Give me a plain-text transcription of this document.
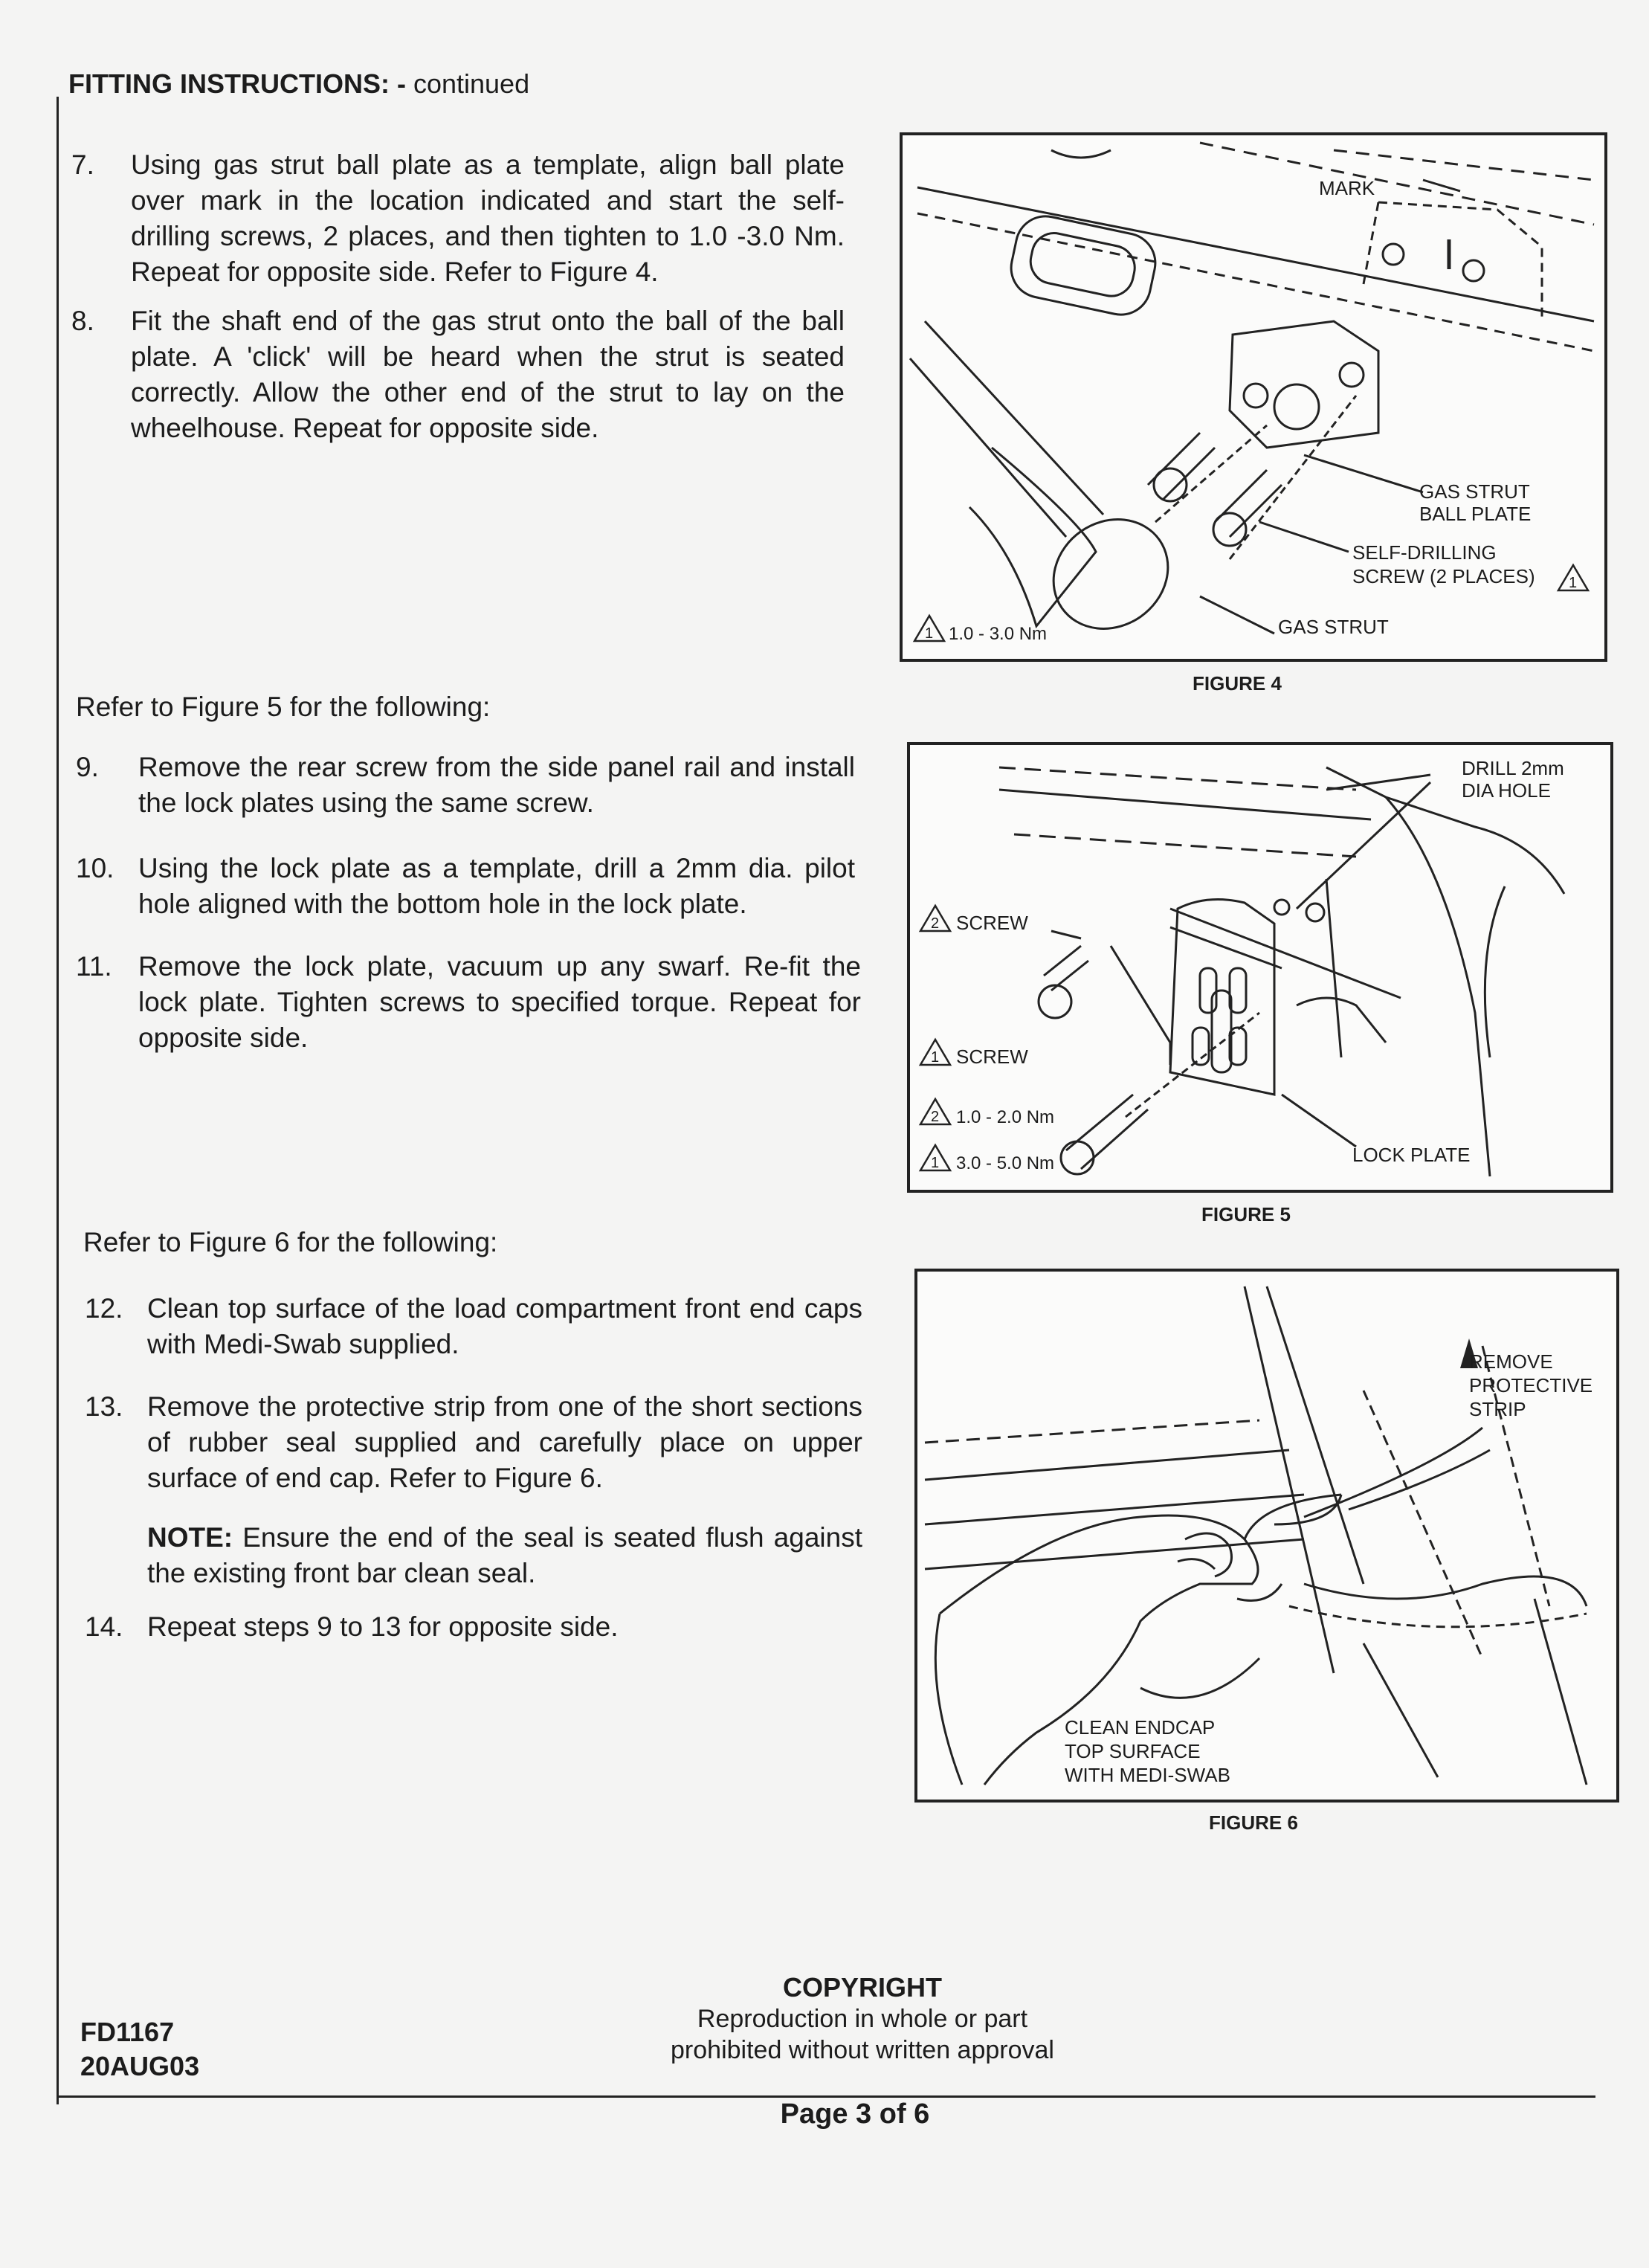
FITTING INSTRUCTIONS: - continued
7. Using gas strut ball plate as a template, align ball plate over mark in the location indicated and start the self-drilling screws, 2 places, and then tighten to 1.0 -3.0 Nm. Repeat for opposite side. Refer to Figure 4.
8. Fit the shaft end of the gas strut onto the ball of the ball plate. A 'click' will be heard when the strut is seated correctly. Allow the other end of the strut to lay on the wheelhouse. Repeat for opposite side.
Refer to Figure 5 for the following:
9. Remove the rear screw from the side panel rail and install the lock plates using the same screw.
10. Using the lock plate as a template, drill a 2mm dia. pilot hole aligned with the bottom hole in the lock plate.
11. Remove the lock plate, vacuum up any swarf. Re-fit the lock plate. Tighten screws to specified torque. Repeat for opposite side.
Refer to Figure 6 for the following:
12. Clean top surface of the load compartment front end caps with Medi-Swab supplied.
13. Remove the protective strip from one of the short sections of rubber seal supplied and carefully place on upper surface of end cap. Refer to Figure 6.
NOTE: Ensure the end of the seal is seated flush against the existing front bar clean seal.
14. Repeat steps 9 to 13 for opposite side.
MARK
GAS STRUT
BALL PLATE
SELF-DRILLING
SCREW (2 PLACES) 1
GAS STRUT
1 1.0 - 3.0 Nm
FIGURE 4
DRILL 2mm
DIA HOLE
2 SCREW
1 SCREW
2 1.0 - 2.0 Nm
1 3.0 - 5.0 Nm	LOCK PLATE
FIGURE 5
REMOVE
PROTECTIVE
STRIP
CLEAN ENDCAP
TOP SURFACE
WITH MEDI-SWAB
FIGURE 6
FD1167
20AUG03
COPYRIGHT
Reproduction in whole or part
prohibited without written approval
Page 3 of 6
